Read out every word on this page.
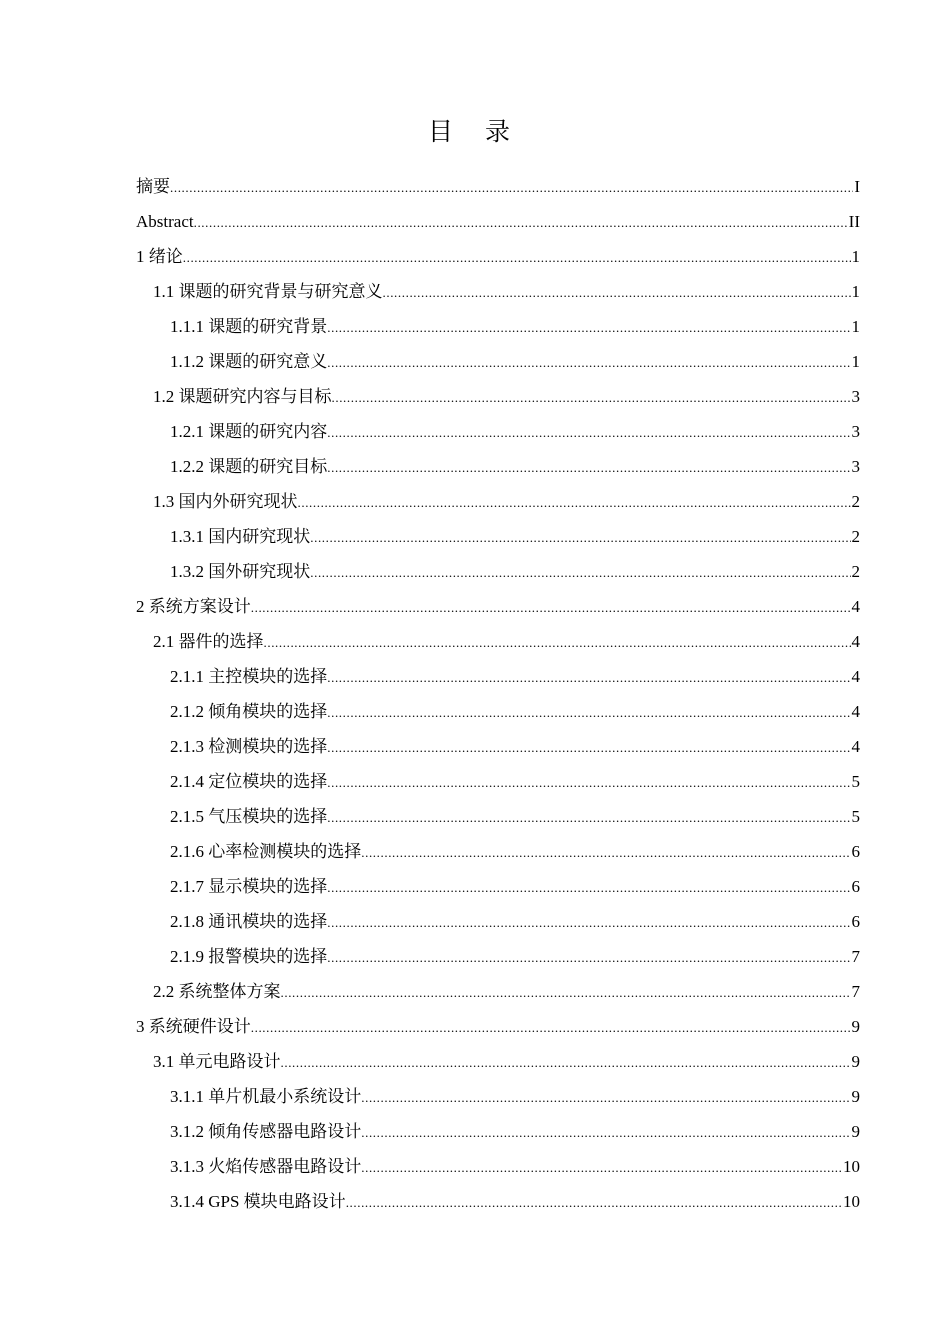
目 录
摘要 .....	I
Abstract .....	II
1 绪论 .....	1
1.1 课题的研究背景与研究意义 .....	1
1.1.1 课题的研究背景 .....	1
1.1.2 课题的研究意义 .....	1
1.2 课题研究内容与目标 .....	3
1.2.1 课题的研究内容 .....	3
1.2.2 课题的研究目标 .....	3
1.3 国内外研究现状 .....	2
1.3.1 国内研究现状 .....	2
1.3.2 国外研究现状 .....	2
2 系统方案设计 .....	4
2.1 器件的选择 .....	4
2.1.1 主控模块的选择 .....	4
2.1.2 倾角模块的选择 .....	4
2.1.3 检测模块的选择 .....	4
2.1.4 定位模块的选择 .....	5
2.1.5 气压模块的选择 .....	5
2.1.6 心率检测模块的选择 .....	6
2.1.7 显示模块的选择 .....	6
2.1.8 通讯模块的选择 .....	6
2.1.9 报警模块的选择 .....	7
2.2 系统整体方案 .....	7
3 系统硬件设计 .....	9
3.1 单元电路设计 .....	9
3.1.1 单片机最小系统设计 .....	9
3.1.2 倾角传感器电路设计 .....	9
3.1.3 火焰传感器电路设计 .....	10
3.1.4 GPS 模块电路设计 .....	10
